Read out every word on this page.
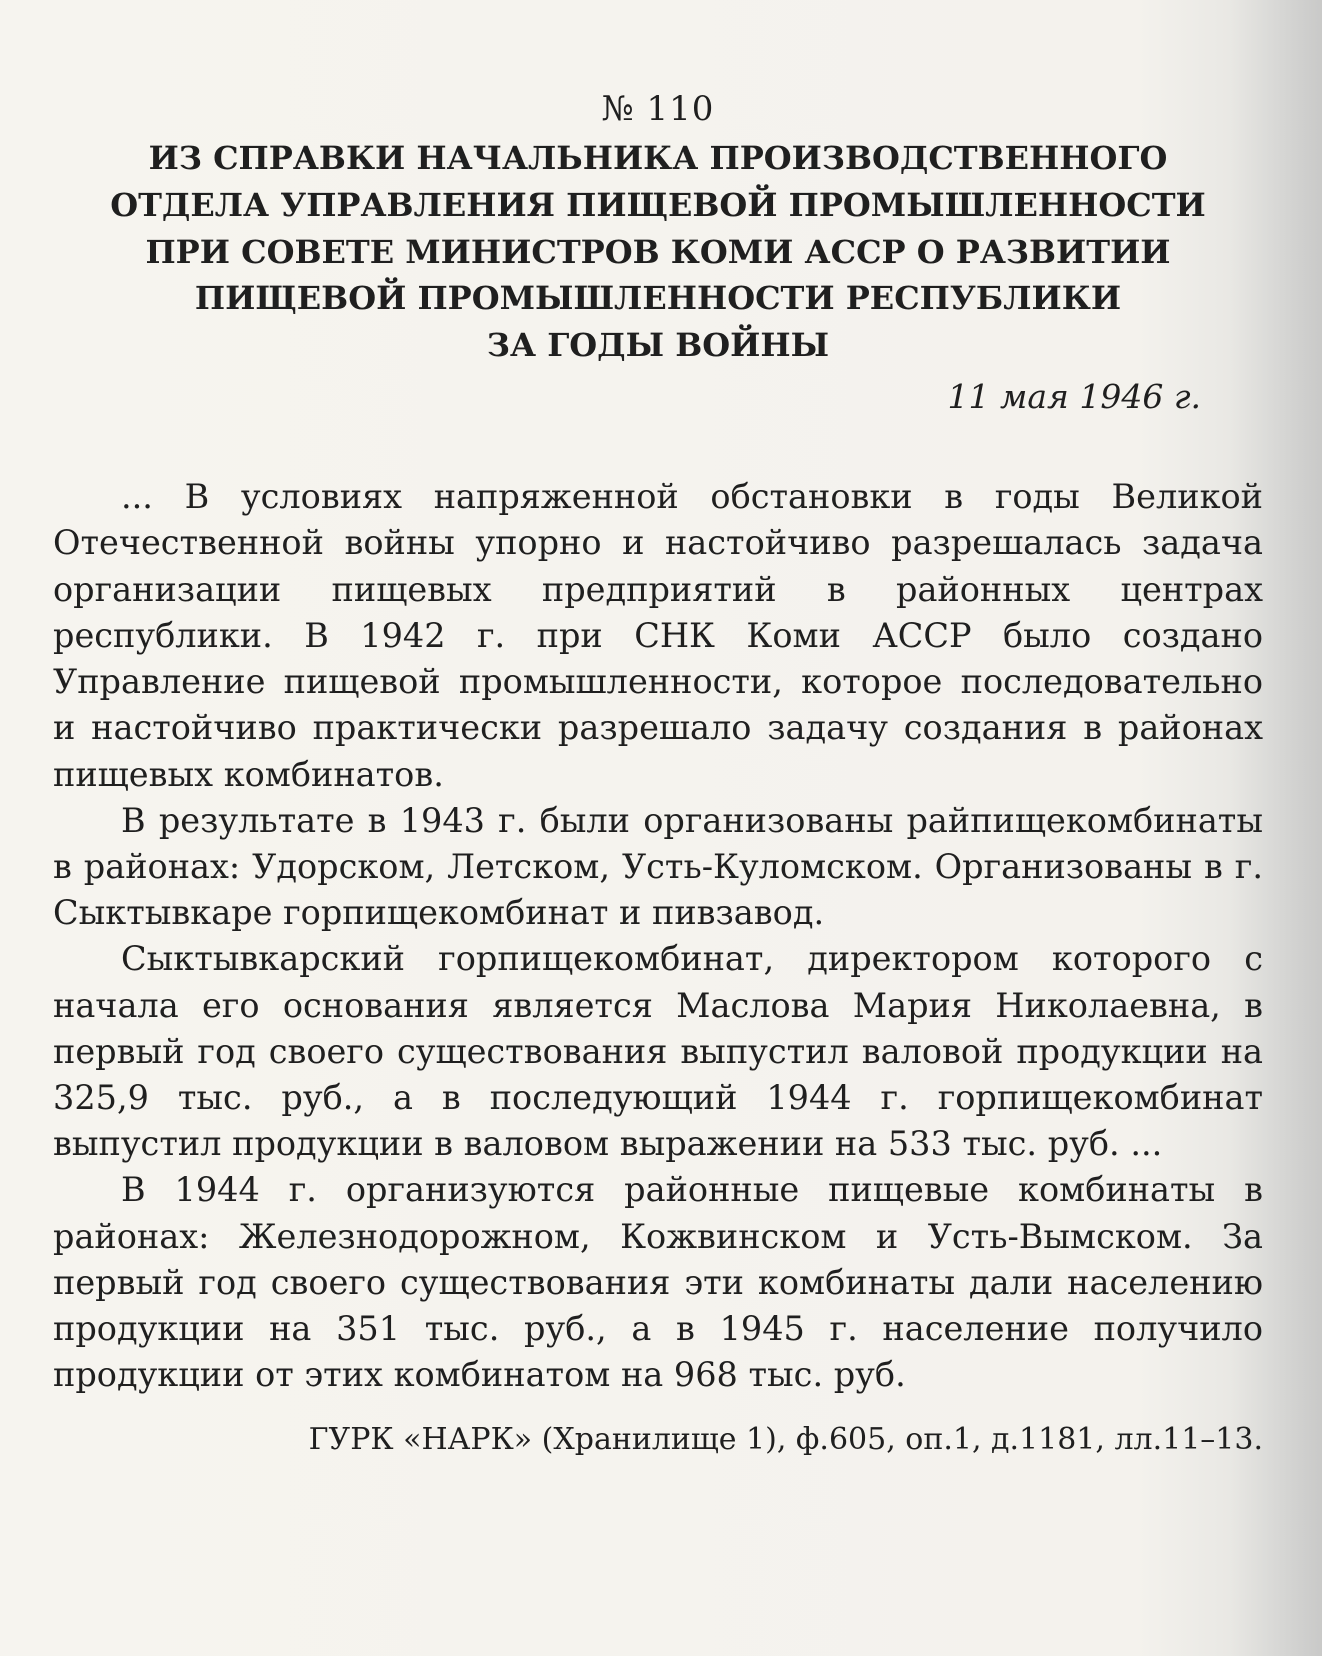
№ 110
ИЗ СПРАВКИ НАЧАЛЬНИКА ПРОИЗВОДСТВЕННОГО
ОТДЕЛА УПРАВЛЕНИЯ ПИЩЕВОЙ ПРОМЫШЛЕННОСТИ
ПРИ СОВЕТЕ МИНИСТРОВ КОМИ АССР О РАЗВИТИИ
ПИЩЕВОЙ ПРОМЫШЛЕННОСТИ РЕСПУБЛИКИ
ЗА ГОДЫ ВОЙНЫ
11 мая 1946 г.

... В условиях напряженной обстановки в годы Великой Отечественной войны упорно и настойчиво разрешалась задача организации пищевых предприятий в районных центрах республики. В 1942 г. при СНК Коми АССР было создано Управление пищевой промышленности, которое последовательно и настойчиво практически разрешало задачу создания в районах пищевых комбинатов.

В результате в 1943 г. были организованы райпищекомбинаты в районах: Удорском, Летском, Усть-Куломском. Организованы в г. Сыктывкаре горпищекомбинат и пивзавод.

Сыктывкарский горпищекомбинат, директором которого с начала его основания является Маслова Мария Николаевна, в первый год своего существования выпустил валовой продукции на 325,9 тыс. руб., а в последующий 1944 г. горпищекомбинат выпустил продукции в валовом выражении на 533 тыс. руб. ...

В 1944 г. организуются районные пищевые комбинаты в районах: Железнодорожном, Кожвинском и Усть-Вымском. За первый год своего существования эти комбинаты дали населению продукции на 351 тыс. руб., а в 1945 г. население получило продукции от этих комбинатом на 968 тыс. руб.

ГУРК «НАРК» (Хранилище 1), ф.605, оп.1, д.1181, лл.11–13.
